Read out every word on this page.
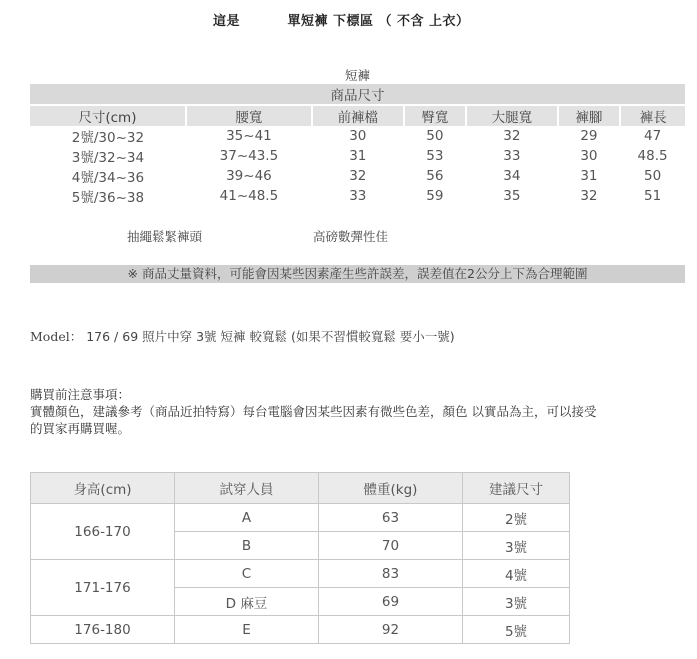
這是	單短褲 下標區 （ 不含 上衣）
短褲
商品尺寸						
尺寸(cm)	腰寬	前褲檔	臀寬	大腿寬	褲腳	褲長
2號/30~32	35~41	30	50	32	29	47
3號/32~34	37~43.5	31	53	33	30	48.5
4號/34~36	39~46	32	56	34	31	50
5號/36~38	41~48.5	33	59	35	32	51
抽繩鬆緊褲頭	高磅數彈性佳
※ 商品丈量資料，可能會因某些因素產生些許誤差，誤差值在2公分上下為合理範圍
Model： 176 / 69 照片中穿 3號 短褲 較寬鬆 (如果不習慣較寬鬆 要小一號)
購買前注意事項：
實體顏色，建議參考（商品近拍特寫）每台電腦會因某些因素有微些色差，顏色 以實品為主，可以接受
的買家再購買喔。
身高(cm)	試穿人員	體重(kg)	建議尺寸
166-170	A	63	2號
	B	70	3號
171-176	C	83	4號
	D 麻豆	69	3號
176-180	E	92	5號
